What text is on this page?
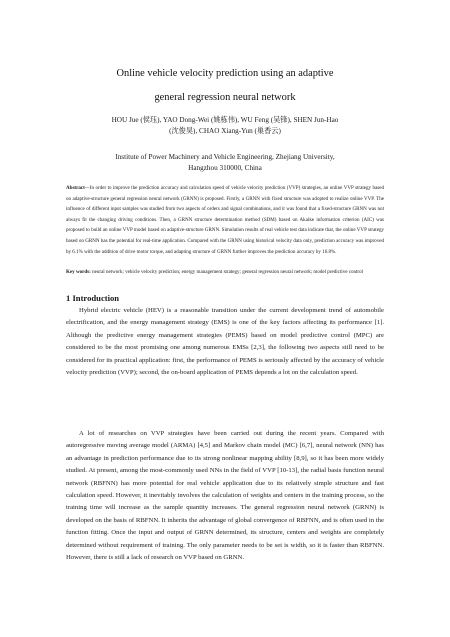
Online vehicle velocity prediction using an adaptive
general regression neural network
HOU Jue (侯珏), YAO Dong-Wei (姚栋伟), WU Feng (吴锋), SHEN Jun-Hao
(沈俊昊), CHAO Xiang-Yun (巢香云)
Institute of Power Machinery and Vehicle Engineering, Zhejiang University,
Hangzhou 310000, China
Abstract—In order to improve the prediction accuracy and calculation speed of vehicle velocity prediction (VVP) strategies, an online VVP strategy based on adaptive-structure general regression neural network (GRNN) is proposed. Firstly, a GRNN with fixed structure was adopted to realize online VVP. The influence of different input samples was studied from two aspects of orders and signal combinations, and it was found that a fixed-structure GRNN was not always fit the changing driving conditions. Then, a GRNN structure determination method (SDM) based on Akaike information criterion (AIC) was proposed to build an online VVP model based on adaptive-structure GRNN. Simulation results of real vehicle test data indicate that, the online VVP strategy based on GRNN has the potential for real-time application. Compared with the GRNN using historical velocity data only, prediction accuracy was improved by 6.1% with the addition of drive motor torque, and adapting structure of GRNN further improves the prediction accuracy by 16.8%.
Key words: neural network; vehicle velocity prediction; energy management strategy; general regression neural network; model predictive control
1 Introduction

Hybrid electric vehicle (HEV) is a reasonable transition under the current development trend of automobile electrification, and the energy management strategy (EMS) is one of the key factors affecting its performance [1]. Although the predictive energy management strategies (PEMS) based on model predictive control (MPC) are considered to be the most promising one among numerous EMSs [2,3], the following two aspects still need to be considered for its practical application: first, the performance of PEMS is seriously affected by the accuracy of vehicle velocity prediction (VVP); second, the on-board application of PEMS depends a lot on the calculation speed.

A lot of researches on VVP strategies have been carried out during the recent years. Compared with autoregressive moving average model (ARMA) [4,5] and Markov chain model (MC) [6,7], neural network (NN) has an advantage in prediction performance due to its strong nonlinear mapping ability [8,9], so it has been more widely studied. At present, among the most-commonly used NNs in the field of VVP [10-13], the radial basis function neural network (RBFNN) has more potential for real vehicle application due to its relatively simple structure and fast calculation speed. However, it inevitably involves the calculation of weights and centers in the training process, so the training time will increase as the sample quantity increases. The general regression neural network (GRNN) is developed on the basis of RBFNN. It inherits the advantage of global convergence of RBFNN, and is often used in the function fitting. Once the input and output of GRNN determined, its structure, centers and weights are completely determined without requirement of training. The only parameter needs to be set is width, so it is faster than RBFNN. However, there is still a lack of research on VVP based on GRNN.
